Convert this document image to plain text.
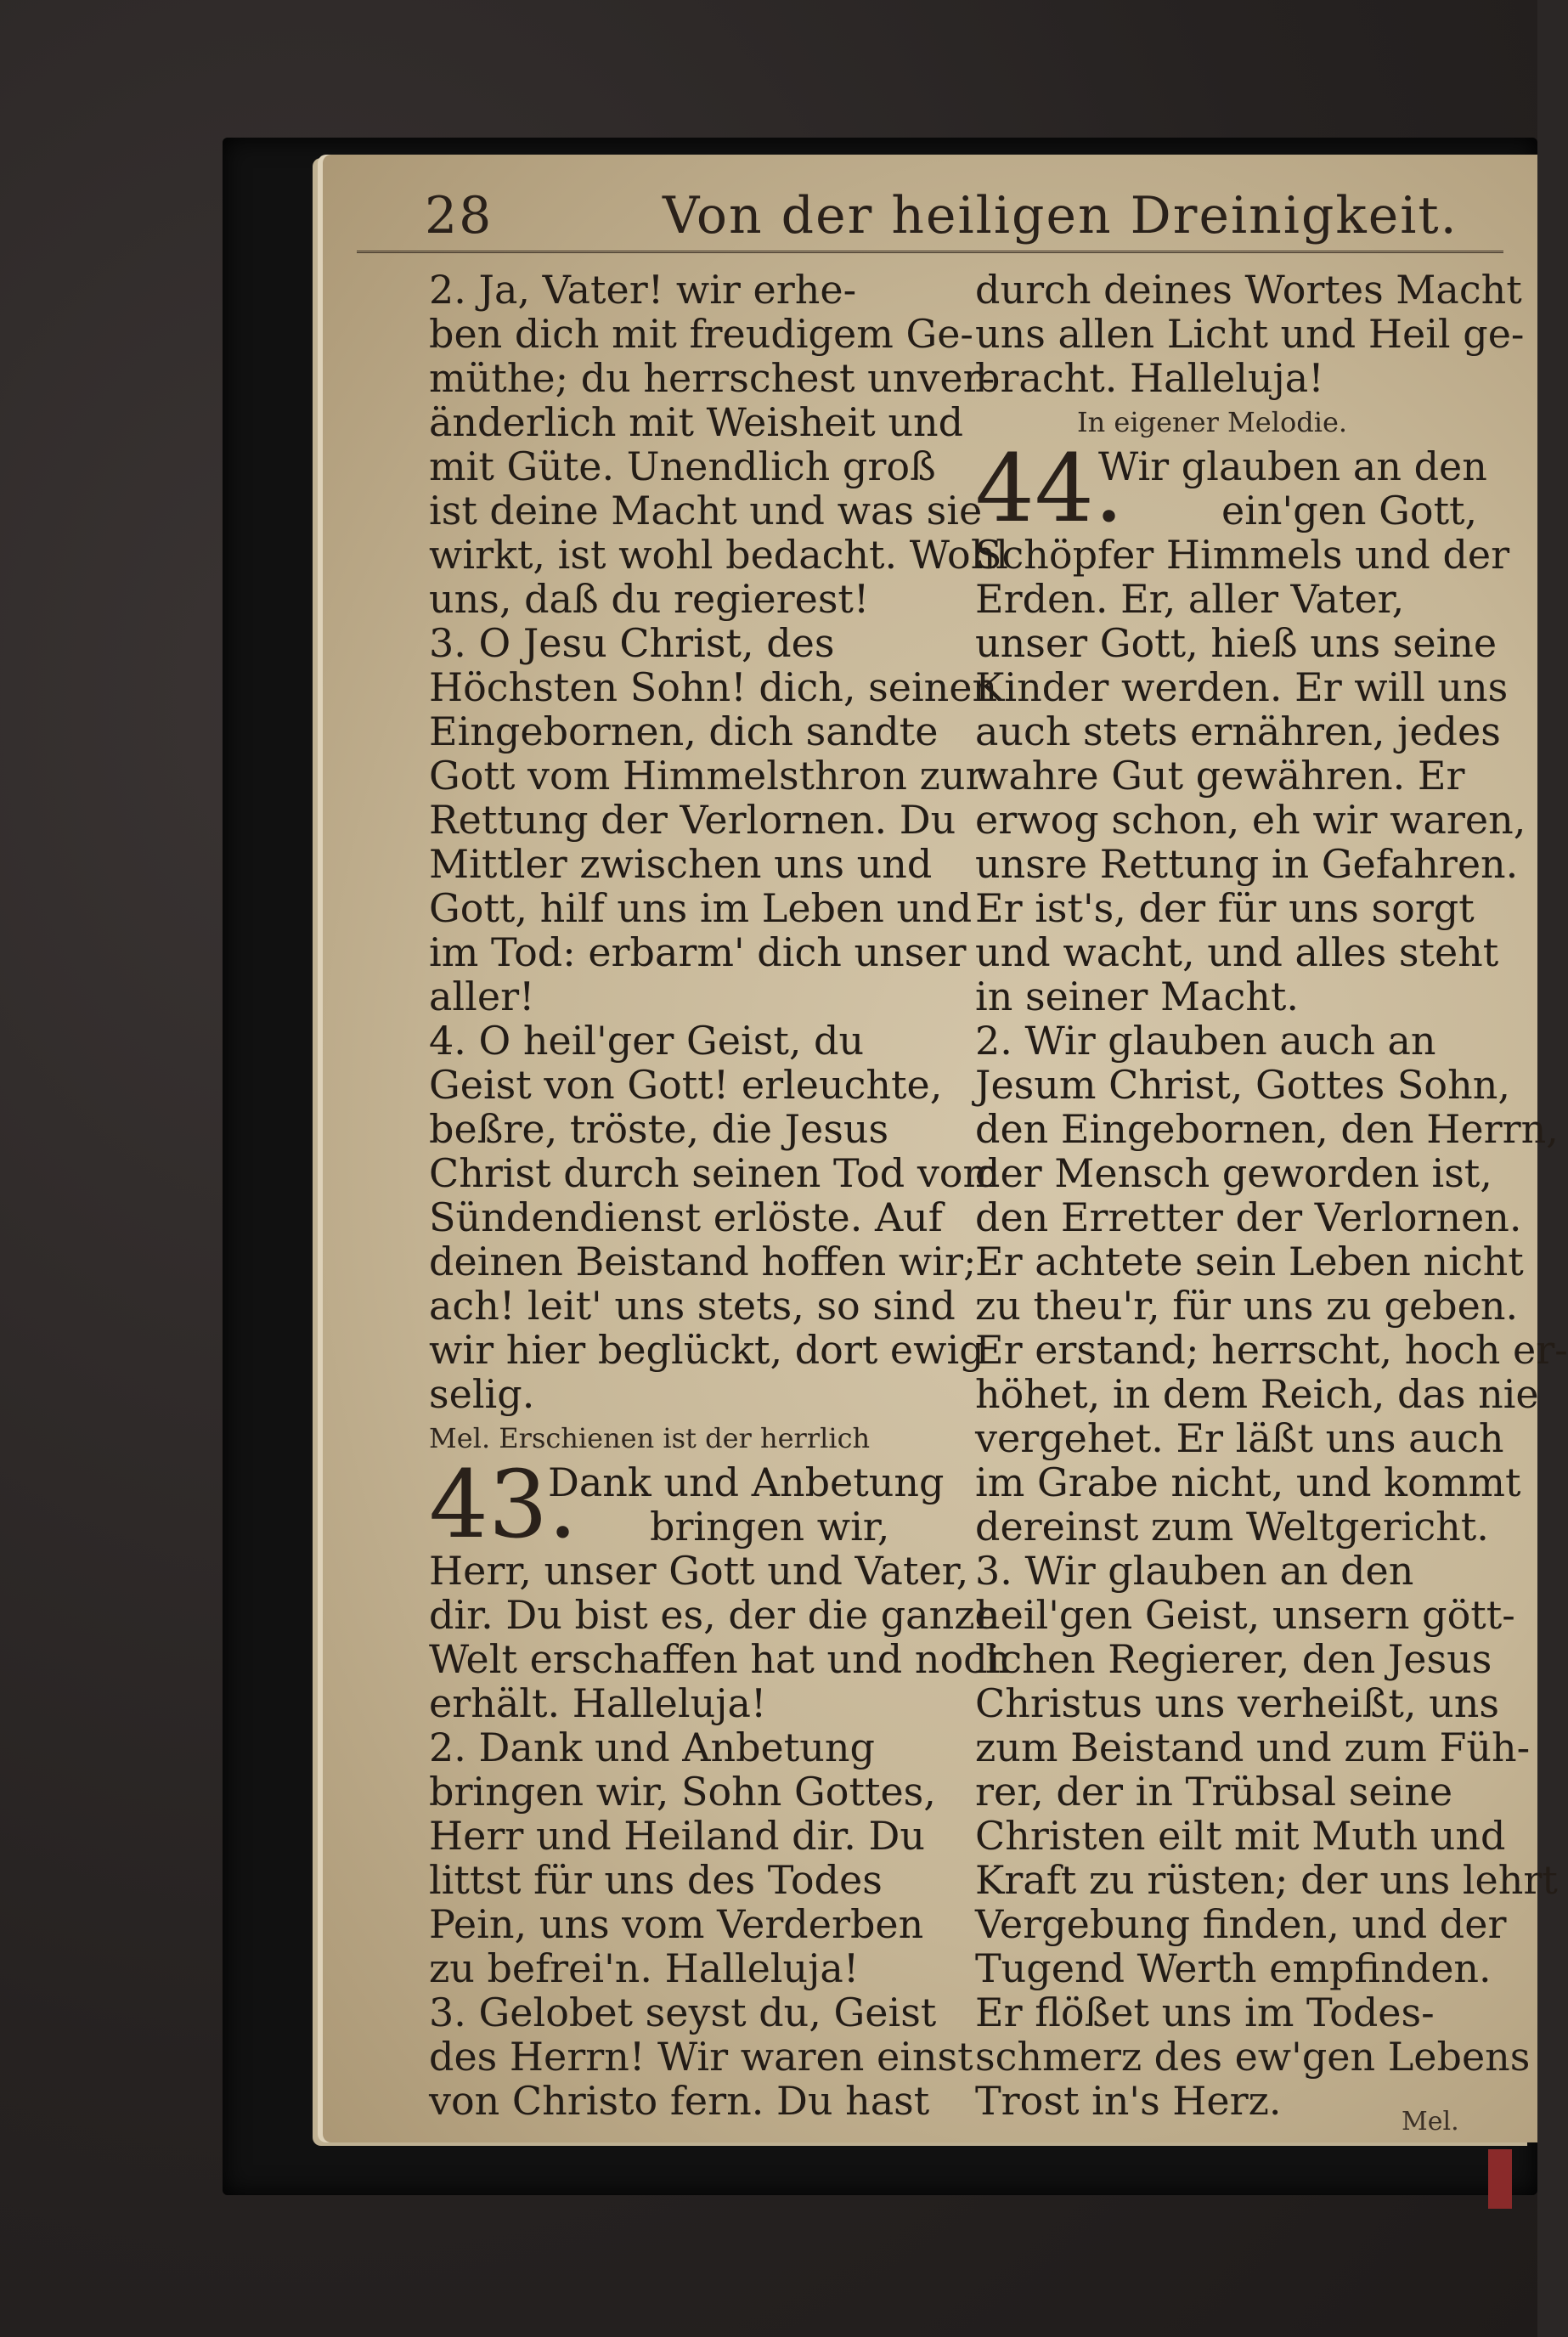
28	Von der heiligen Dreinigkeit.
2. Ja, Vater! wir erhe-
ben dich mit freudigem Ge-
müthe; du herrschest unver-
änderlich mit Weisheit und
mit Güte. Unendlich groß
ist deine Macht und was sie
wirkt, ist wohl bedacht. Wohl
uns, daß du regierest!
3. O Jesu Christ, des
Höchsten Sohn! dich, seinen
Eingebornen, dich sandte
Gott vom Himmelsthron zur
Rettung der Verlornen. Du
Mittler zwischen uns und
Gott, hilf uns im Leben und
im Tod: erbarm' dich unser
aller!
4. O heil'ger Geist, du
Geist von Gott! erleuchte,
beßre, tröste, die Jesus
Christ durch seinen Tod vom
Sündendienst erlöste. Auf
deinen Beistand hoffen wir;
ach! leit' uns stets, so sind
wir hier beglückt, dort ewig
selig.
Mel. Erschienen ist der herrlich
43.
Dank und Anbetung
bringen wir,
Herr, unser Gott und Vater,
dir. Du bist es, der die ganze
Welt erschaffen hat und noch
erhält. Halleluja!
2. Dank und Anbetung
bringen wir, Sohn Gottes,
Herr und Heiland dir. Du
littst für uns des Todes
Pein, uns vom Verderben
zu befrei'n. Halleluja!
3. Gelobet seyst du, Geist
des Herrn! Wir waren einst
von Christo fern. Du hast
durch deines Wortes Macht
uns allen Licht und Heil ge-
bracht. Halleluja!
In eigener Melodie.
44.
Wir glauben an den
ein'gen Gott,
Schöpfer Himmels und der
Erden. Er, aller Vater,
unser Gott, hieß uns seine
Kinder werden. Er will uns
auch stets ernähren, jedes
wahre Gut gewähren. Er
erwog schon, eh wir waren,
unsre Rettung in Gefahren.
Er ist's, der für uns sorgt
und wacht, und alles steht
in seiner Macht.
2. Wir glauben auch an
Jesum Christ, Gottes Sohn,
den Eingebornen, den Herrn,
der Mensch geworden ist,
den Erretter der Verlornen.
Er achtete sein Leben nicht
zu theu'r, für uns zu geben.
Er erstand; herrscht, hoch er-
höhet, in dem Reich, das nie
vergehet. Er läßt uns auch
im Grabe nicht, und kommt
dereinst zum Weltgericht.
3. Wir glauben an den
heil'gen Geist, unsern gött-
lichen Regierer, den Jesus
Christus uns verheißt, uns
zum Beistand und zum Füh-
rer, der in Trübsal seine
Christen eilt mit Muth und
Kraft zu rüsten; der uns lehrt
Vergebung finden, und der
Tugend Werth empfinden.
Er flößet uns im Todes-
schmerz des ew'gen Lebens
Trost in's Herz.	Mel.
